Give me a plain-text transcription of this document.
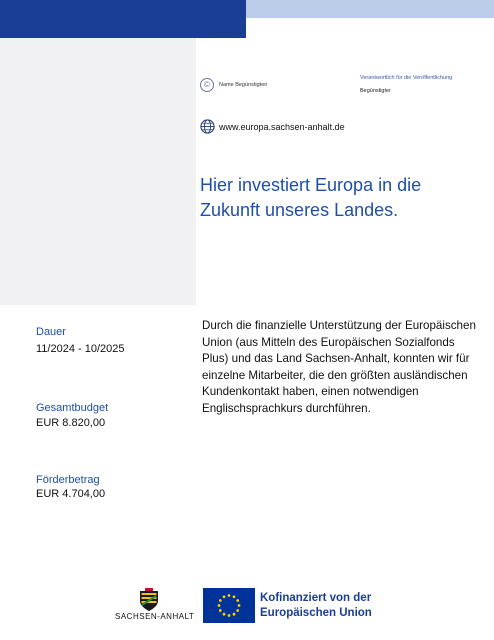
©	Name Begünstigten
Verantwortlich für die Veröffentlichung
Begünstigter
www.europa.sachsen-anhalt.de
Hier investiert Europa in die
Zukunft unseres Landes.
Durch die finanzielle Unterstützung der Europäischen Union (aus Mitteln des Europäischen Sozialfonds Plus) und das Land Sachsen-Anhalt, konnten wir für einzelne Mitarbeiter, die den größten ausländischen Kundenkontakt haben, einen notwendigen Englischsprachkurs durchführen.
Dauer
11/2024 - 10/2025
Gesamtbudget
EUR 8.820,00
Förderbetrag
EUR 4.704,00
SACHSEN-ANHALT
Kofinanziert von der
Europäischen Union
